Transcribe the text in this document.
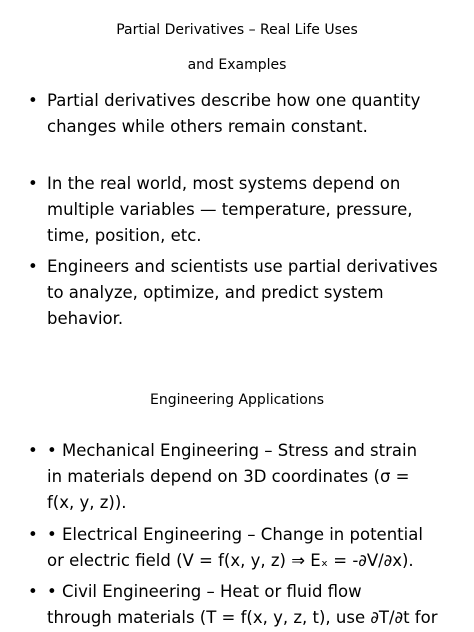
Partial Derivatives – Real Life Uses
and Examples
• Partial derivatives describe how one quantity
changes while others remain constant.
• In the real world, most systems depend on
multiple variables — temperature, pressure,
time, position, etc.
• Engineers and scientists use partial derivatives
to analyze, optimize, and predict system
behavior.
Engineering Applications
• • Mechanical Engineering – Stress and strain
in materials depend on 3D coordinates (σ =
f(x, y, z)).
• • Electrical Engineering – Change in potential
or electric field (V = f(x, y, z) ⇒ Eₓ = -∂V/∂x).
• • Civil Engineering – Heat or fluid flow
through materials (T = f(x, y, z, t), use ∂T/∂t for
